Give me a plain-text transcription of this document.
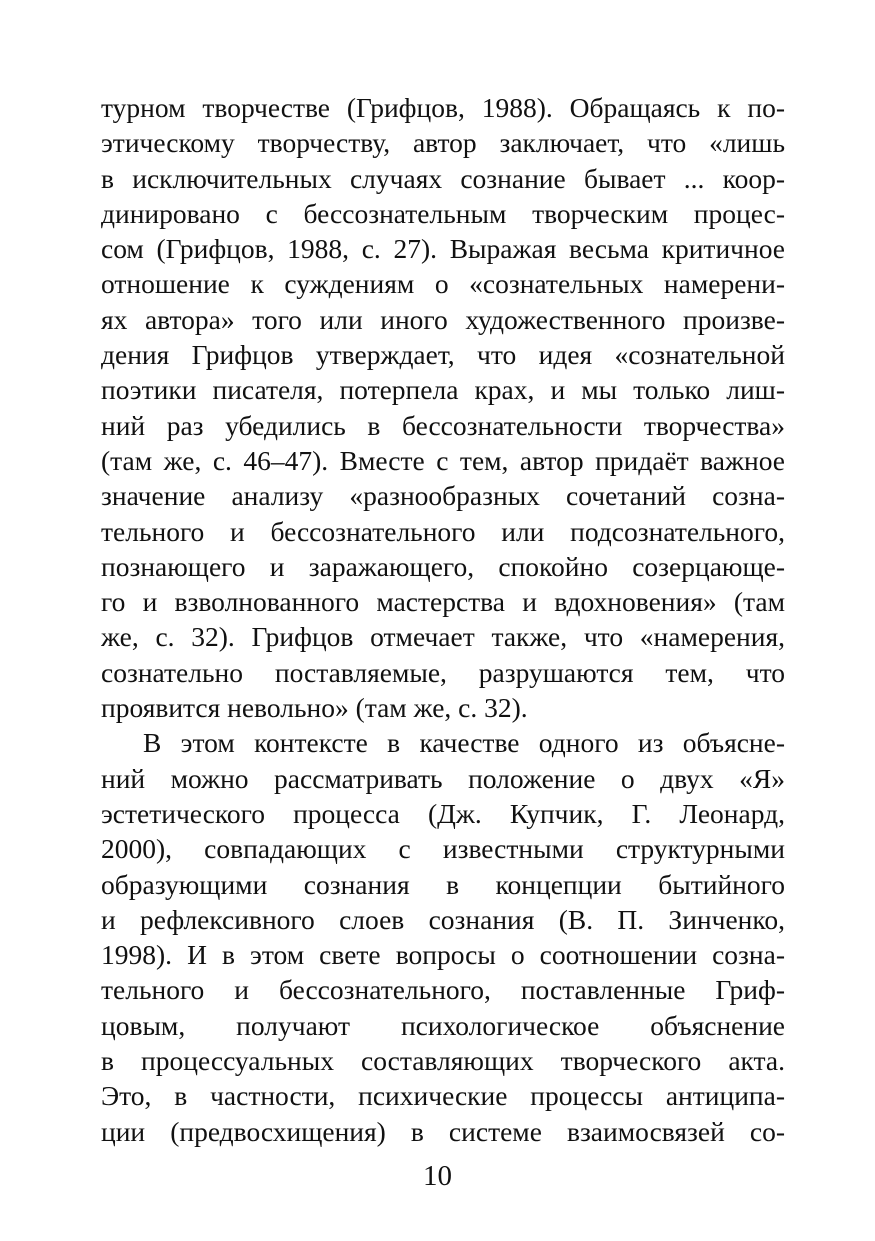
турном творчестве (Грифцов, 1988). Обращаясь к по-
этическому творчеству, автор заключает, что «лишь
в исключительных случаях сознание бывает ... коор-
динировано с бессознательным творческим процес-
сом (Грифцов, 1988, с. 27). Выражая весьма критичное
отношение к суждениям о «сознательных намерени-
ях автора» того или иного художественного произве-
дения Грифцов утверждает, что идея «сознательной
поэтики писателя, потерпела крах, и мы только лиш-
ний раз убедились в бессознательности творчества»
(там же, с. 46–47). Вместе с тем, автор придаёт важное
значение анализу «разнообразных сочетаний созна-
тельного и бессознательного или подсознательного,
познающего и заражающего, спокойно созерцающе-
го и взволнованного мастерства и вдохновения» (там
же, с. 32). Грифцов отмечает также, что «намерения,
сознательно поставляемые, разрушаются тем, что
проявится невольно» (там же, с. 32).
В этом контексте в качестве одного из объясне-
ний можно рассматривать положение о двух «Я»
эстетического процесса (Дж. Купчик, Г. Леонард,
2000), совпадающих с известными структурными
образующими сознания в концепции бытийного
и рефлексивного слоев сознания (В. П. Зинченко,
1998). И в этом свете вопросы о соотношении созна-
тельного и бессознательного, поставленные Гриф-
цовым, получают психологическое объяснение
в процессуальных составляющих творческого акта.
Это, в частности, психические процессы антиципа-
ции (предвосхищения) в системе взаимосвязей со-
10
